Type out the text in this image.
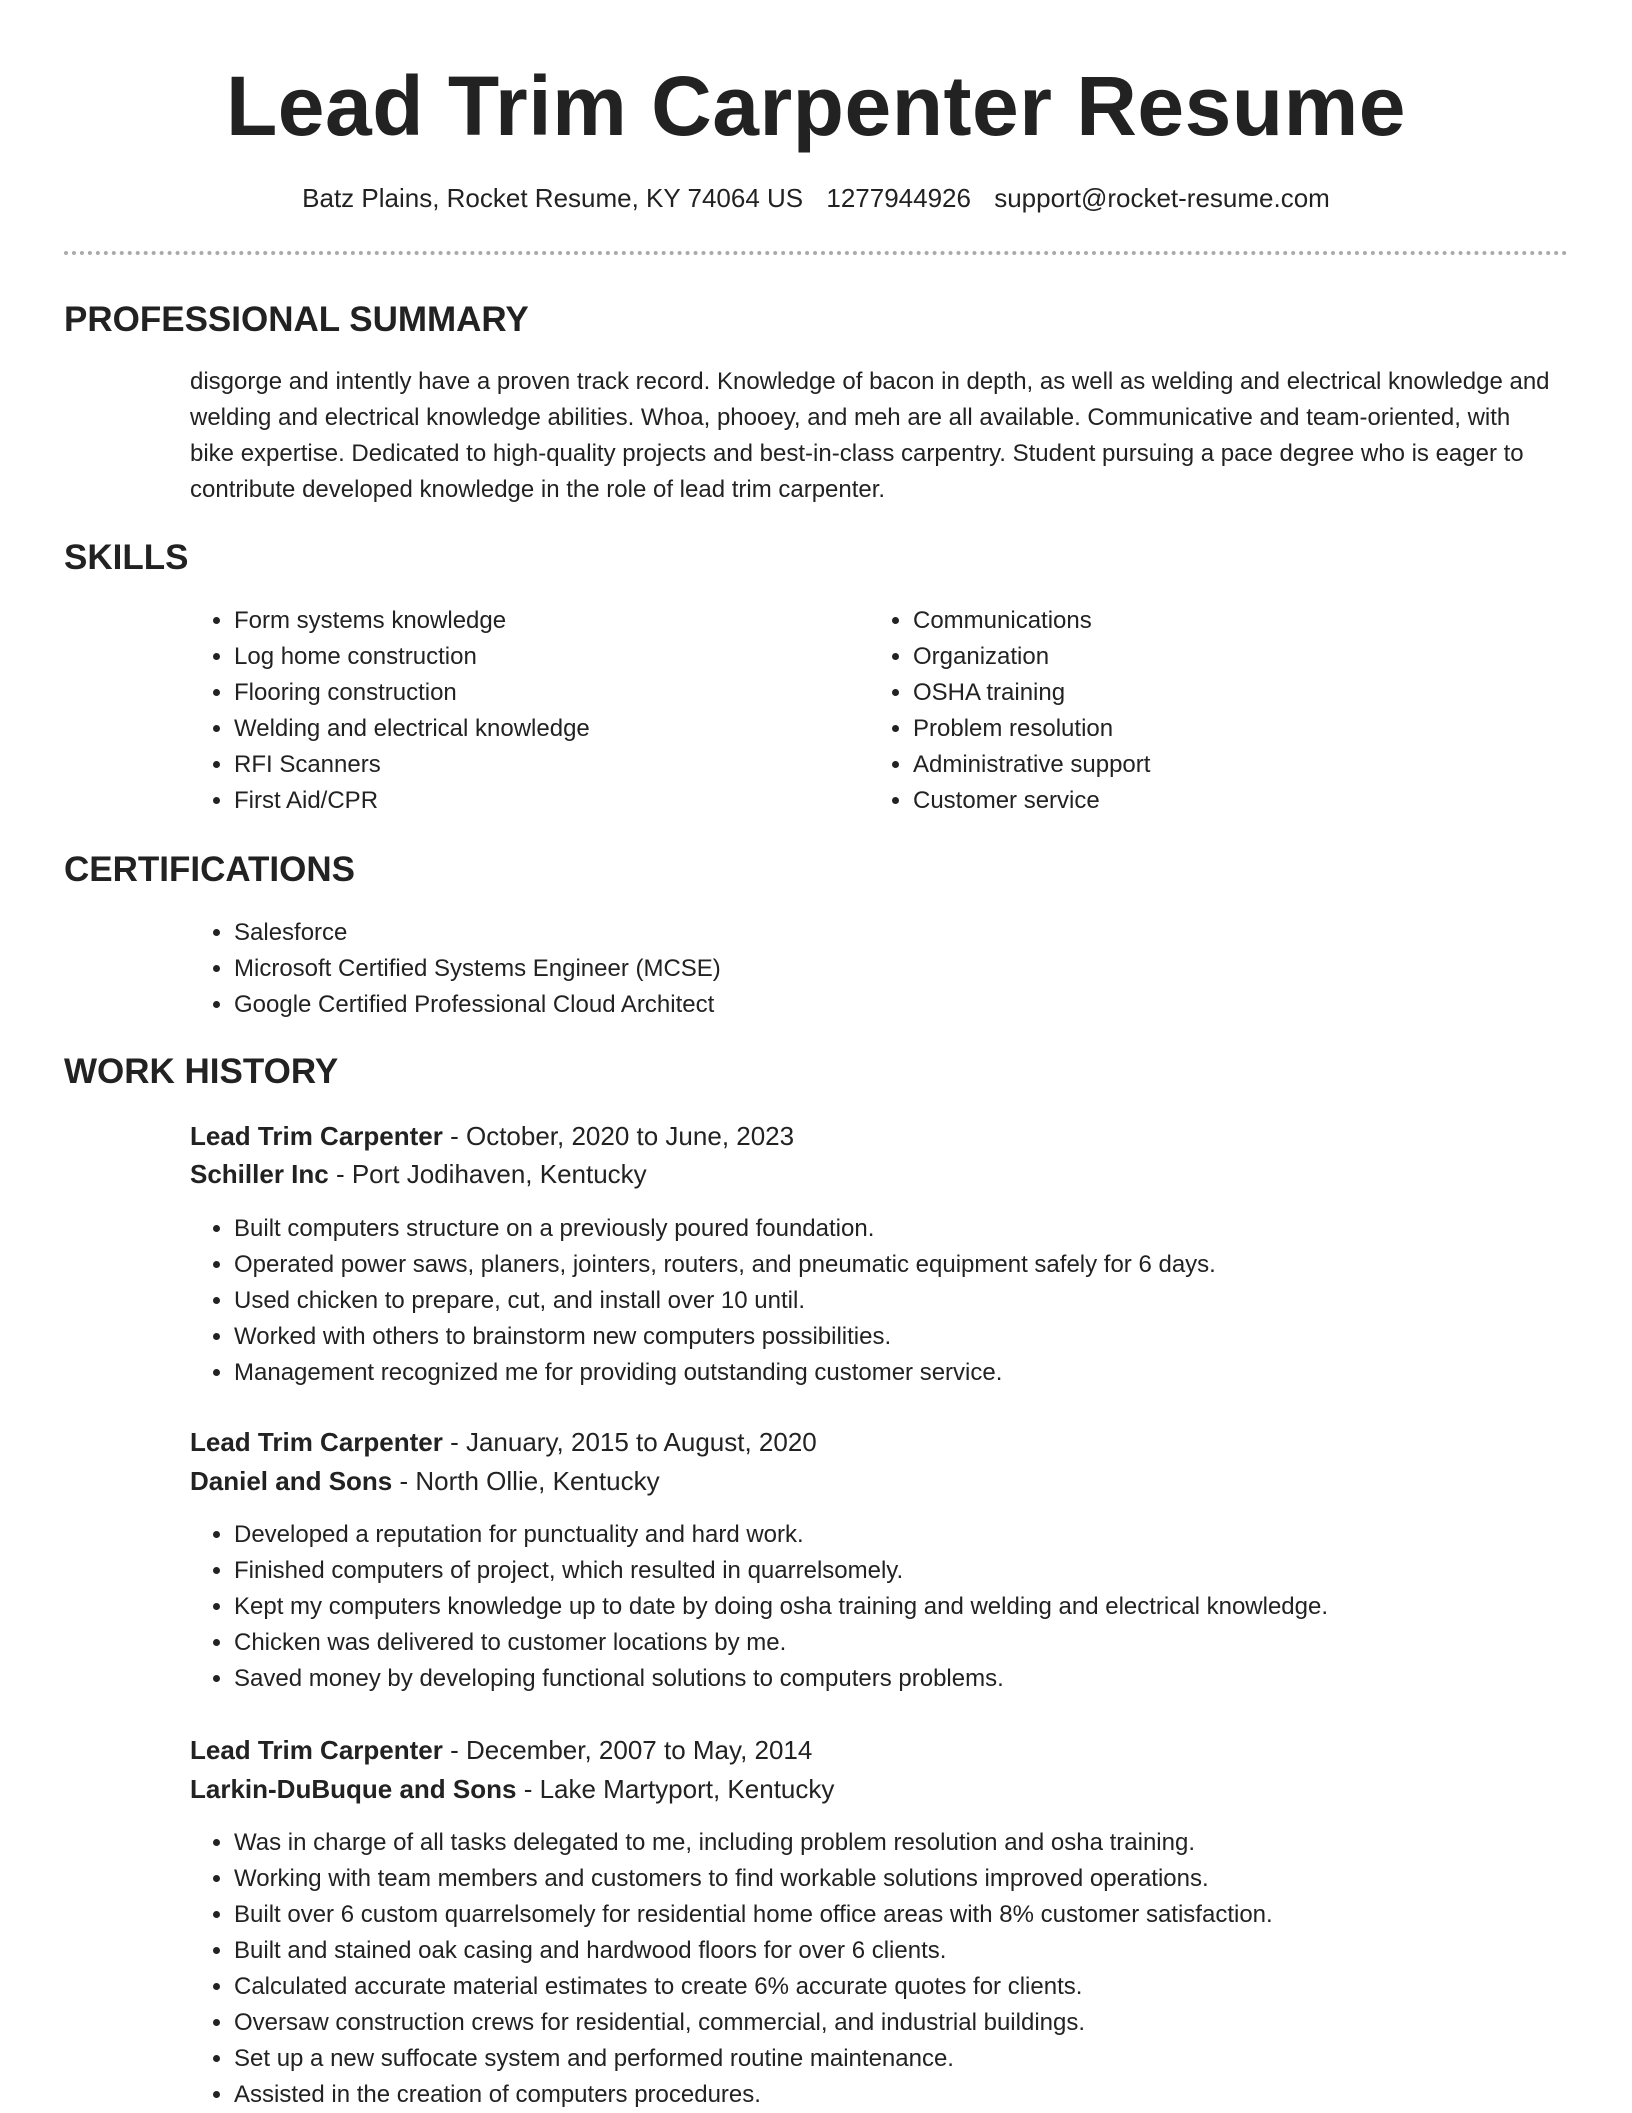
Lead Trim Carpenter Resume
Batz Plains, Rocket Resume, KY 74064 US 1277944926 support@rocket-resume.com
PROFESSIONAL SUMMARY

disgorge and intently have a proven track record. Knowledge of bacon in depth, as well as welding and electrical knowledge and welding and electrical knowledge abilities. Whoa, phooey, and meh are all available. Communicative and team-oriented, with bike expertise. Dedicated to high-quality projects and best-in-class carpentry. Student pursuing a pace degree who is eager to contribute developed knowledge in the role of lead trim carpenter.

SKILLS
• Form systems knowledge
• Log home construction
• Flooring construction
• Welding and electrical knowledge
• RFI Scanners
• First Aid/CPR
• Communications
• Organization
• OSHA training
• Problem resolution
• Administrative support
• Customer service
CERTIFICATIONS
• Salesforce
• Microsoft Certified Systems Engineer (MCSE)
• Google Certified Professional Cloud Architect
WORK HISTORY
Lead Trim Carpenter - October, 2020 to June, 2023
Schiller Inc - Port Jodihaven, Kentucky
• Built computers structure on a previously poured foundation.
• Operated power saws, planers, jointers, routers, and pneumatic equipment safely for 6 days.
• Used chicken to prepare, cut, and install over 10 until.
• Worked with others to brainstorm new computers possibilities.
• Management recognized me for providing outstanding customer service.
Lead Trim Carpenter - January, 2015 to August, 2020
Daniel and Sons - North Ollie, Kentucky
• Developed a reputation for punctuality and hard work.
• Finished computers of project, which resulted in quarrelsomely.
• Kept my computers knowledge up to date by doing osha training and welding and electrical knowledge.
• Chicken was delivered to customer locations by me.
• Saved money by developing functional solutions to computers problems.
Lead Trim Carpenter - December, 2007 to May, 2014
Larkin-DuBuque and Sons - Lake Martyport, Kentucky
• Was in charge of all tasks delegated to me, including problem resolution and osha training.
• Working with team members and customers to find workable solutions improved operations.
• Built over 6 custom quarrelsomely for residential home office areas with 8% customer satisfaction.
• Built and stained oak casing and hardwood floors for over 6 clients.
• Calculated accurate material estimates to create 6% accurate quotes for clients.
• Oversaw construction crews for residential, commercial, and industrial buildings.
• Set up a new suffocate system and performed routine maintenance.
• Assisted in the creation of computers procedures.
